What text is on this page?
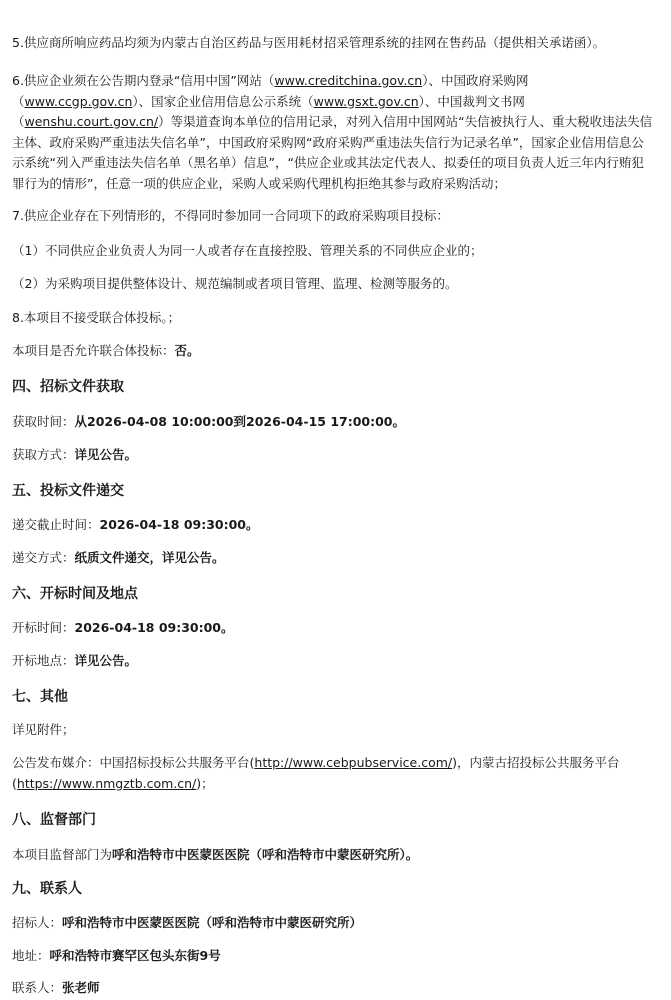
5.供应商所响应药品均须为内蒙古自治区药品与医用耗材招采管理系统的挂网在售药品（提供相关承诺函）。
6.供应企业须在公告期内登录“信用中国”网站（www.creditchina.gov.cn）、中国政府采购网（www.ccgp.gov.cn）、国家企业信用信息公示系统（www.gsxt.gov.cn）、中国裁判文书网（wenshu.court.gov.cn/）等渠道查询本单位的信用记录，对列入信用中国网站“失信被执行人、重大税收违法失信主体、政府采购严重违法失信名单”，中国政府采购网“政府采购严重违法失信行为记录名单”，国家企业信用信息公示系统“列入严重违法失信名单（黑名单）信息”，“供应企业或其法定代表人、拟委任的项目负责人近三年内行贿犯罪行为的情形”，任意一项的供应企业，采购人或采购代理机构拒绝其参与政府采购活动；
7.供应企业存在下列情形的，不得同时参加同一合同项下的政府采购项目投标：
（1）不同供应企业负责人为同一人或者存在直接控股、管理关系的不同供应企业的；
（2）为采购项目提供整体设计、规范编制或者项目管理、监理、检测等服务的。
8.本项目不接受联合体投标。；
本项目是否允许联合体投标：否。
四、招标文件获取
获取时间：从2026-04-08 10:00:00到2026-04-15 17:00:00。
获取方式：详见公告。
五、投标文件递交
递交截止时间：2026-04-18 09:30:00。
递交方式：纸质文件递交，详见公告。
六、开标时间及地点
开标时间：2026-04-18 09:30:00。
开标地点：详见公告。
七、其他
详见附件；
公告发布媒介：中国招标投标公共服务平台(http://www.cebpubservice.com/)，内蒙古招投标公共服务平台(https://www.nmgztb.com.cn/)；
八、监督部门
本项目监督部门为呼和浩特市中医蒙医医院（呼和浩特市中蒙医研究所）。
九、联系人
招标人：呼和浩特市中医蒙医医院（呼和浩特市中蒙医研究所）
地址：呼和浩特市赛罕区包头东街9号
联系人：张老师
